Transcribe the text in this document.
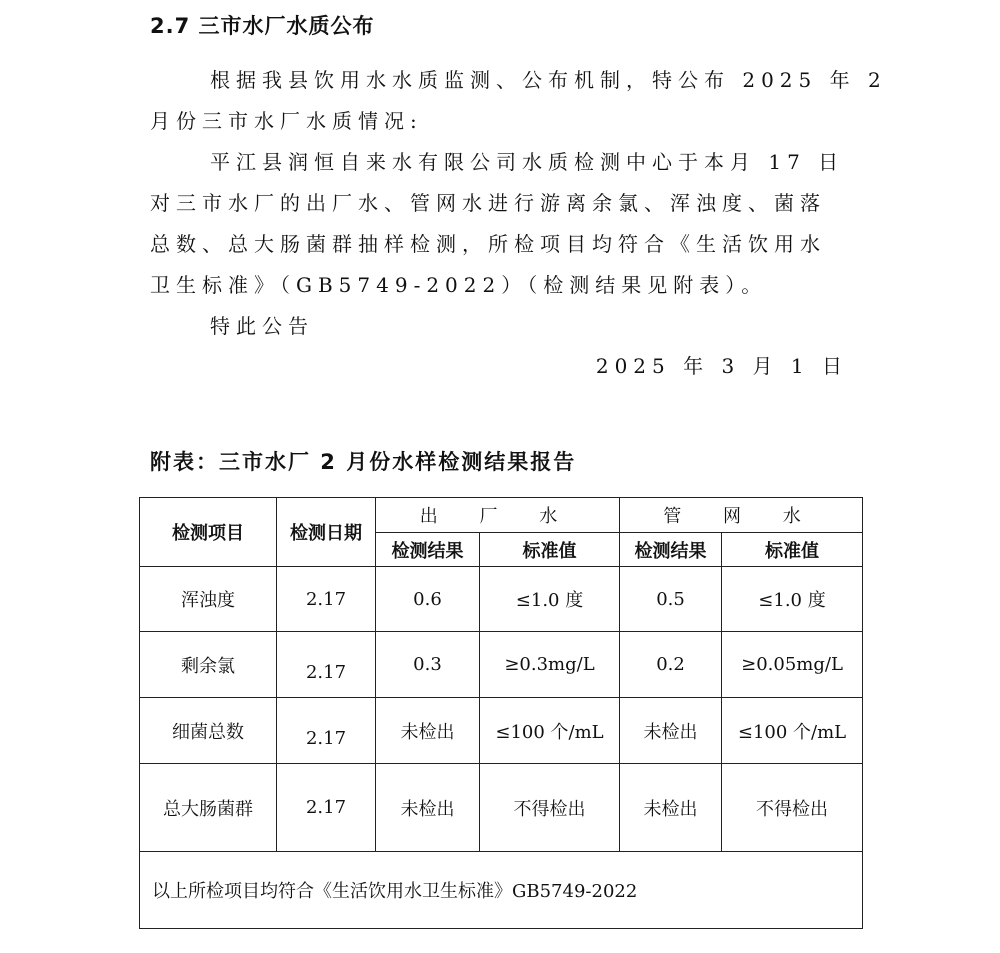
2.7 三市水厂水质公布
根据我县饮用水水质监测、公布机制，特公布 2025 年 2
月份三市水厂水质情况:
平江县润恒自来水有限公司水质检测中心于本月 17 日
对三市水厂的出厂水、管网水进行游离余氯、浑浊度、菌落
总数、总大肠菌群抽样检测，所检项目均符合《生活饮用水
卫生标准》（GB5749-2022）（检测结果见附表）。
特此公告
2025 年 3 月 1 日
附表：三市水厂 2 月份水样检测结果报告
检测项目	检测日期	出 厂 水		管 网 水	
		检测结果	标准值	检测结果	标准值
浑浊度	2.17	0.6	≤1.0 度	0.5	≤1.0 度
剩余氯	2.17	0.3	≥0.3mg/L	0.2	≥0.05mg/L
细菌总数	2.17	未检出	≤100 个/mL	未检出	≤100 个/mL
总大肠菌群	2.17	未检出	不得检出	未检出	不得检出
以上所检项目均符合《生活饮用水卫生标准》GB5749-2022					
